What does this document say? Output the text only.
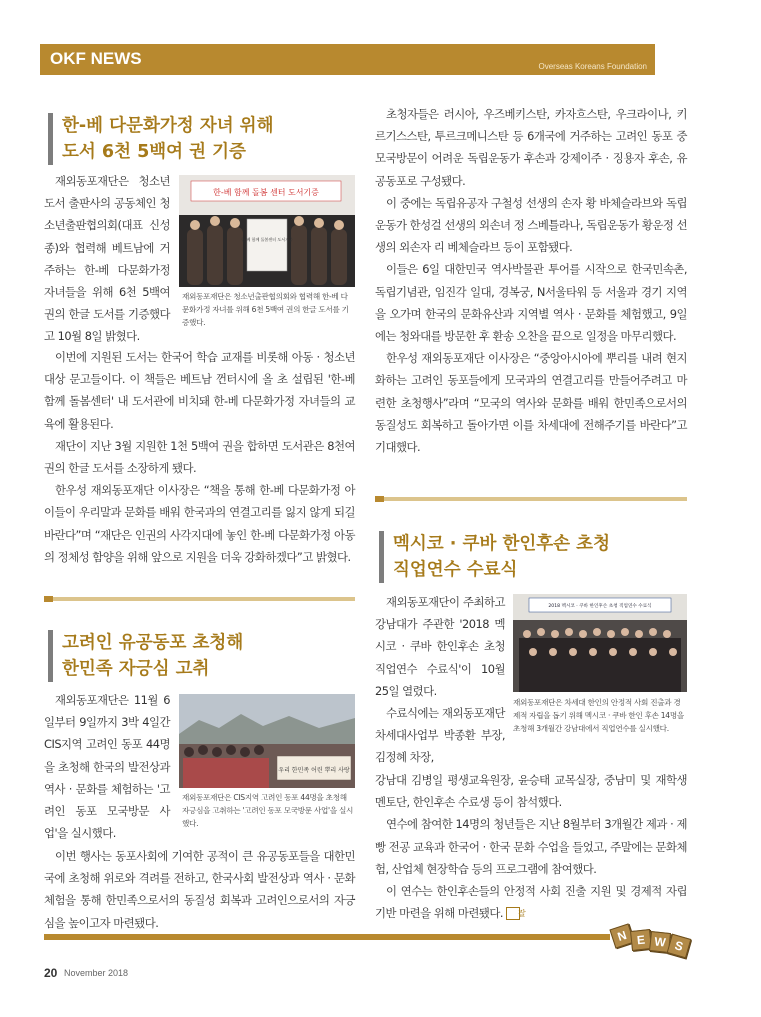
OKF NEWS	Overseas Koreans Foundation
한-베 다문화가정 자녀 위해
도서 6천 5백여 권 기증

재외동포재단은 청소년 도서 출판사의 공동체인 청소년출판협의회(대표 신성종)와 협력해 베트남에 거주하는 한-베 다문화가정 자녀들을 위해 6천 5백여 권의 한글 도서를 기증했다고 10월 8일 밝혔다.

한-베 함께 돌봄 센터 도서기증
한-베 함께 돌봄센터 도서기증
재외동포재단은 청소년출판협의회와 협력해 한-베 다문화가정 자녀를 위해 6천 5백여 권의 한글 도서를 기증했다.

이번에 지원된 도서는 한국어 학습 교재를 비롯해 아동 · 청소년 대상 문고들이다. 이 책들은 베트남 껀터시에 올 초 설립된 '한-베 함께 돌봄센터' 내 도서관에 비치돼 한-베 다문화가정 자녀들의 교육에 활용된다.

재단이 지난 3월 지원한 1천 5백여 권을 합하면 도서관은 8천여 권의 한글 도서를 소장하게 됐다.

한우성 재외동포재단 이사장은 “책을 통해 한-베 다문화가정 아이들이 우리말과 문화를 배워 한국과의 연결고리를 잃지 않게 되길 바란다”며 “재단은 인권의 사각지대에 놓인 한-베 다문화가정 아동의 정체성 함양을 위해 앞으로 지원을 더욱 강화하겠다”고 밝혔다.

고려인 유공동포 초청해
한민족 자긍심 고취

재외동포재단은 11월 6일부터 9일까지 3박 4일간 CIS지역 고려인 동포 44명을 초청해 한국의 발전상과 역사 · 문화를 체험하는 '고려인 동포 모국방문 사업'을 실시했다.

우리 한민족 어린 뿌리 사랑
재외동포재단은 CIS지역 고려인 동포 44명을 초청해 자긍심을 고취하는 '고려인 동포 모국방문 사업'을 실시했다.

이번 행사는 동포사회에 기여한 공적이 큰 유공동포들을 대한민국에 초청해 위로와 격려를 전하고, 한국사회 발전상과 역사 · 문화 체험을 통해 한민족으로서의 동질성 회복과 고려인으로서의 자긍심을 높이고자 마련됐다.

초청자들은 러시아, 우즈베키스탄, 카자흐스탄, 우크라이나, 키르기스스탄, 투르크메니스탄 등 6개국에 거주하는 고려인 동포 중 모국방문이 어려운 독립운동가 후손과 강제이주 · 징용자 후손, 유공동포로 구성됐다.

이 중에는 독립유공자 구철성 선생의 손자 황 바체슬라브와 독립운동가 한성걸 선생의 외손녀 정 스베틀라나, 독립운동가 황운정 선생의 외손자 리 베체슬라브 등이 포함됐다.

이들은 6일 대한민국 역사박물관 투어를 시작으로 한국민속촌, 독립기념관, 임진각 일대, 경복궁, N서울타워 등 서울과 경기 지역을 오가며 한국의 문화유산과 지역별 역사 · 문화를 체험했고, 9일에는 청와대를 방문한 후 환송 오찬을 끝으로 일정을 마무리했다.

한우성 재외동포재단 이사장은 “중앙아시아에 뿌리를 내려 현지화하는 고려인 동포들에게 모국과의 연결고리를 만들어주려고 마련한 초청행사”라며 “모국의 역사와 문화를 배워 한민족으로서의 동질성도 회복하고 돌아가면 이를 차세대에 전해주기를 바란다”고 기대했다.

멕시코 · 쿠바 한인후손 초청
직업연수 수료식

재외동포재단이 주최하고 강남대가 주관한 '2018 멕시코 · 쿠바 한인후손 초청 직업연수 수료식'이 10월 25일 열렸다.

수료식에는 재외동포재단 차세대사업부 박종환 부장, 김정혜 차장,

2018 멕시코 · 쿠바 한인후손 초청 직업연수 수료식
재외동포재단은 차세대 한인의 안정적 사회 진출과 경제적 자립을 돕기 위해 멕시코 · 쿠바 한인 후손 14명을 초청해 3개월간 강남대에서 직업연수를 실시했다.

강남대 김병일 평생교육원장, 윤승태 교목실장, 중남미 및 재학생 멘토단, 한인후손 수료생 등이 참석했다.

연수에 참여한 14명의 청년들은 지난 8월부터 3개월간 제과 · 제빵 전공 교육과 한국어 · 한국 문화 수업을 들었고, 주말에는 문화체험, 산업체 현장학습 등의 프로그램에 참여했다.

이 연수는 한인후손들의 안정적 사회 진출 지원 및 경제적 자립기반 마련을 위해 마련됐다. 잘

N E W S
20 November 2018
